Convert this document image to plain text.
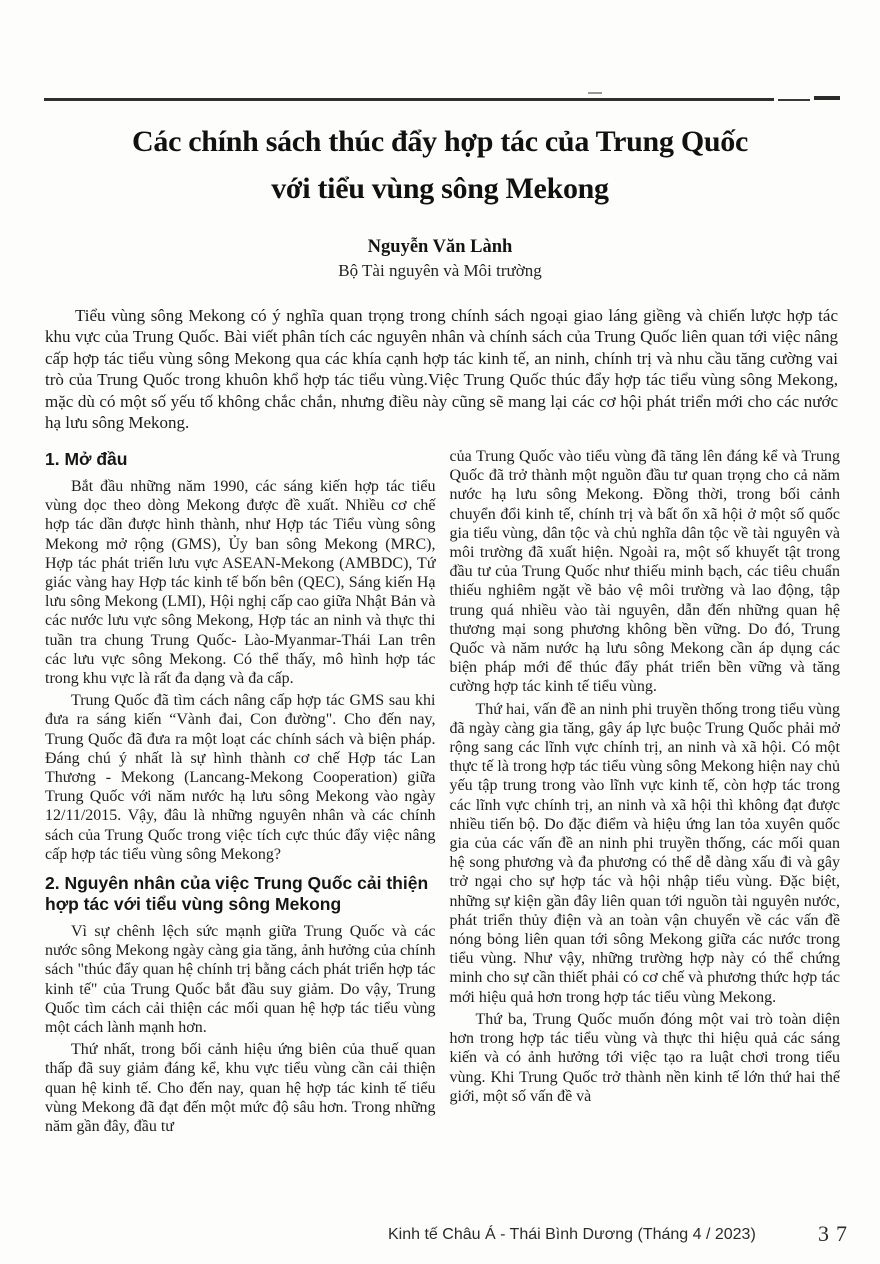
Các chính sách thúc đẩy hợp tác của Trung Quốc
với tiểu vùng sông Mekong
Nguyễn Văn Lành
Bộ Tài nguyên và Môi trường

Tiểu vùng sông Mekong có ý nghĩa quan trọng trong chính sách ngoại giao láng giềng và chiến lược hợp tác khu vực của Trung Quốc. Bài viết phân tích các nguyên nhân và chính sách của Trung Quốc liên quan tới việc nâng cấp hợp tác tiểu vùng sông Mekong qua các khía cạnh hợp tác kinh tế, an ninh, chính trị và nhu cầu tăng cường vai trò của Trung Quốc trong khuôn khổ hợp tác tiểu vùng.Việc Trung Quốc thúc đẩy hợp tác tiểu vùng sông Mekong, mặc dù có một số yếu tố không chắc chắn, nhưng điều này cũng sẽ mang lại các cơ hội phát triển mới cho các nước hạ lưu sông Mekong.

1. Mở đầu

Bắt đầu những năm 1990, các sáng kiến hợp tác tiểu vùng dọc theo dòng Mekong được đề xuất. Nhiều cơ chế hợp tác dần được hình thành, như Hợp tác Tiểu vùng sông Mekong mở rộng (GMS), Ủy ban sông Mekong (MRC), Hợp tác phát triển lưu vực ASEAN-Mekong (AMBDC), Tứ giác vàng hay Hợp tác kinh tế bốn bên (QEC), Sáng kiến Hạ lưu sông Mekong (LMI), Hội nghị cấp cao giữa Nhật Bản và các nước lưu vực sông Mekong, Hợp tác an ninh và thực thi tuần tra chung Trung Quốc- Lào-Myanmar-Thái Lan trên các lưu vực sông Mekong. Có thể thấy, mô hình hợp tác trong khu vực là rất đa dạng và đa cấp.

Trung Quốc đã tìm cách nâng cấp hợp tác GMS sau khi đưa ra sáng kiến “Vành đai, Con đường". Cho đến nay, Trung Quốc đã đưa ra một loạt các chính sách và biện pháp. Đáng chú ý nhất là sự hình thành cơ chế Hợp tác Lan Thương - Mekong (Lancang-Mekong Cooperation) giữa Trung Quốc với năm nước hạ lưu sông Mekong vào ngày 12/11/2015. Vậy, đâu là những nguyên nhân và các chính sách của Trung Quốc trong việc tích cực thúc đẩy việc nâng cấp hợp tác tiểu vùng sông Mekong?

2. Nguyên nhân của việc Trung Quốc cải thiện hợp tác với tiểu vùng sông Mekong

Vì sự chênh lệch sức mạnh giữa Trung Quốc và các nước sông Mekong ngày càng gia tăng, ảnh hưởng của chính sách "thúc đẩy quan hệ chính trị bằng cách phát triển hợp tác kinh tế" của Trung Quốc bắt đầu suy giảm. Do vậy, Trung Quốc tìm cách cải thiện các mối quan hệ hợp tác tiểu vùng một cách lành mạnh hơn.

Thứ nhất, trong bối cảnh hiệu ứng biên của thuế quan thấp đã suy giảm đáng kể, khu vực tiểu vùng cần cải thiện quan hệ kinh tế. Cho đến nay, quan hệ hợp tác kinh tế tiểu vùng Mekong đã đạt đến một mức độ sâu hơn. Trong những năm gần đây, đầu tư

của Trung Quốc vào tiểu vùng đã tăng lên đáng kể và Trung Quốc đã trở thành một nguồn đầu tư quan trọng cho cả năm nước hạ lưu sông Mekong. Đồng thời, trong bối cảnh chuyển đổi kinh tế, chính trị và bất ổn xã hội ở một số quốc gia tiểu vùng, dân tộc và chủ nghĩa dân tộc về tài nguyên và môi trường đã xuất hiện. Ngoài ra, một số khuyết tật trong đầu tư của Trung Quốc như thiếu minh bạch, các tiêu chuẩn thiếu nghiêm ngặt về bảo vệ môi trường và lao động, tập trung quá nhiều vào tài nguyên, dẫn đến những quan hệ thương mại song phương không bền vững. Do đó, Trung Quốc và năm nước hạ lưu sông Mekong cần áp dụng các biện pháp mới để thúc đẩy phát triển bền vững và tăng cường hợp tác kinh tế tiểu vùng.

Thứ hai, vấn đề an ninh phi truyền thống trong tiểu vùng đã ngày càng gia tăng, gây áp lực buộc Trung Quốc phải mở rộng sang các lĩnh vực chính trị, an ninh và xã hội. Có một thực tế là trong hợp tác tiểu vùng sông Mekong hiện nay chủ yếu tập trung trong vào lĩnh vực kinh tế, còn hợp tác trong các lĩnh vực chính trị, an ninh và xã hội thì không đạt được nhiều tiến bộ. Do đặc điểm và hiệu ứng lan tỏa xuyên quốc gia của các vấn đề an ninh phi truyền thống, các mối quan hệ song phương và đa phương có thể dễ dàng xấu đi và gây trở ngại cho sự hợp tác và hội nhập tiểu vùng. Đặc biệt, những sự kiện gần đây liên quan tới nguồn tài nguyên nước, phát triển thủy điện và an toàn vận chuyển về các vấn đề nóng bỏng liên quan tới sông Mekong giữa các nước trong tiểu vùng. Như vậy, những trường hợp này có thể chứng minh cho sự cần thiết phải có cơ chế và phương thức hợp tác mới hiệu quả hơn trong hợp tác tiểu vùng Mekong.

Thứ ba, Trung Quốc muốn đóng một vai trò toàn diện hơn trong hợp tác tiểu vùng và thực thi hiệu quả các sáng kiến và có ảnh hưởng tới việc tạo ra luật chơi trong tiểu vùng. Khi Trung Quốc trở thành nền kinh tế lớn thứ hai thế giới, một số vấn đề và

Kinh tế Châu Á - Thái Bình Dương (Tháng 4 / 2023)	37
